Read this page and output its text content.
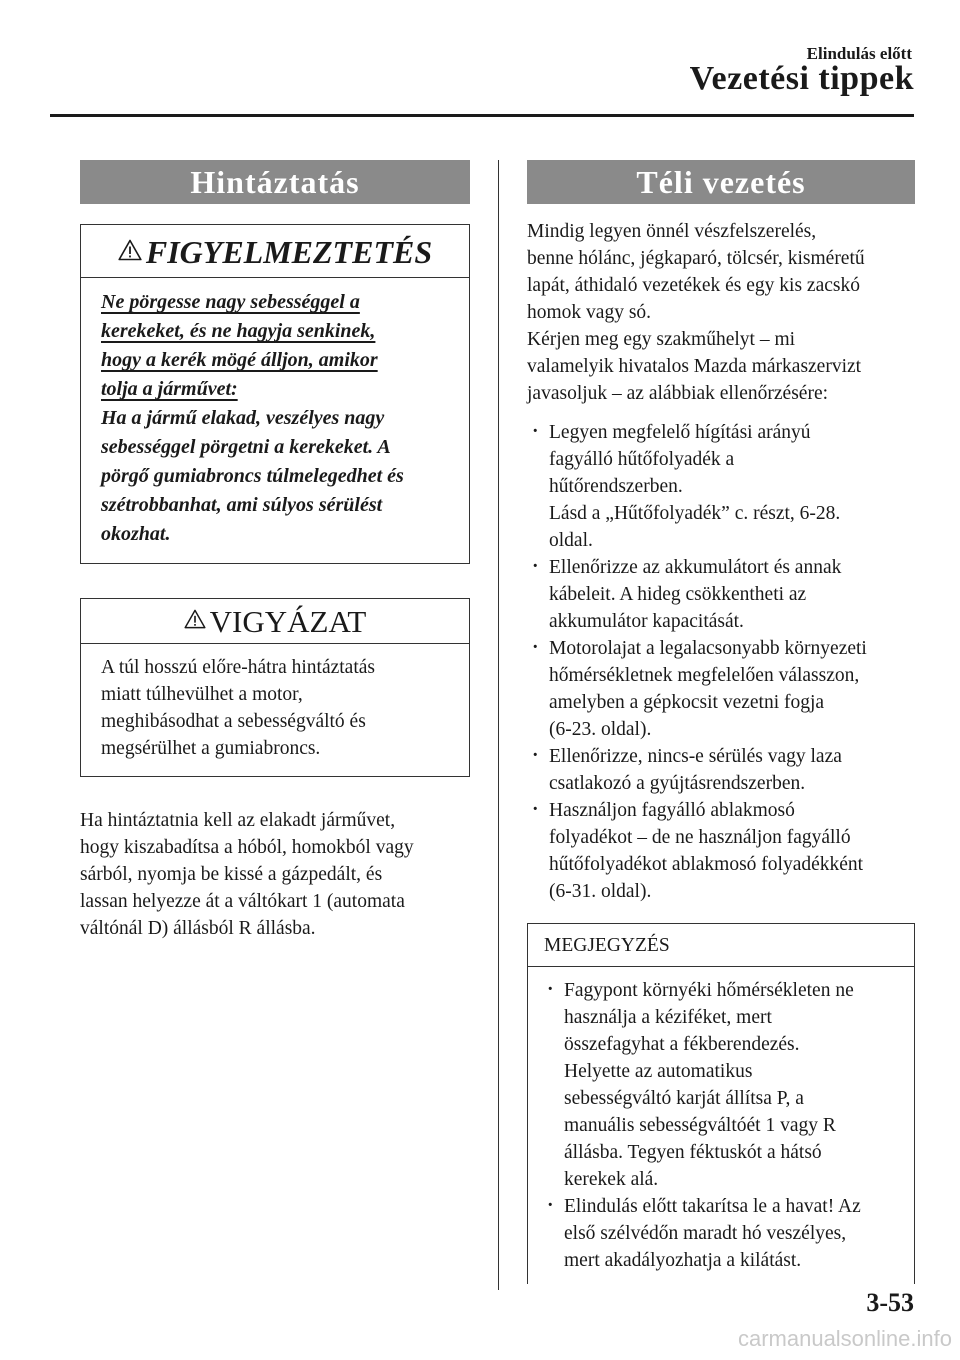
Elindulás előtt
Vezetési tippek
Hintáztatás
FIGYELMEZTETÉS
Ne pörgesse nagy sebességgel a
kerekeket, és ne hagyja senkinek,
hogy a kerék mögé álljon, amikor
tolja a járművet:
Ha a jármű elakad, veszélyes nagy
sebességgel pörgetni a kerekeket. A
pörgő gumiabroncs túlmelegedhet és
szétrobbanhat, ami súlyos sérülést
okozhat.
VIGYÁZAT
A túl hosszú előre-hátra hintáztatás
miatt túlhevülhet a motor,
meghibásodhat a sebességváltó és
megsérülhet a gumiabroncs.
Ha hintáztatnia kell az elakadt járművet,
hogy kiszabadítsa a hóból, homokból vagy
sárból, nyomja be kissé a gázpedált, és
lassan helyezze át a váltókart 1 (automata
váltónál D) állásból R állásba.
Téli vezetés
Mindig legyen önnél vészfelszerelés,
benne hólánc, jégkaparó, tölcsér, kisméretű
lapát, áthidaló vezetékek és egy kis zacskó
homok vagy só.
Kérjen meg egy szakműhelyt – mi
valamelyik hivatalos Mazda márkaszervizt
javasoljuk – az alábbiak ellenőrzésére:
· Legyen megfelelő hígítási arányú
fagyálló hűtőfolyadék a
hűtőrendszerben.
Lásd a „Hűtőfolyadék” c. részt, 6-28.
oldal.
· Ellenőrizze az akkumulátort és annak
kábeleit. A hideg csökkentheti az
akkumulátor kapacitását.
· Motorolajat a legalacsonyabb környezeti
hőmérsékletnek megfelelően válasszon,
amelyben a gépkocsit vezetni fogja
(6-23. oldal).
· Ellenőrizze, nincs-e sérülés vagy laza
csatlakozó a gyújtásrendszerben.
· Használjon fagyálló ablakmosó
folyadékot – de ne használjon fagyálló
hűtőfolyadékot ablakmosó folyadékként
(6-31. oldal).
MEGJEGYZÉS
· Fagypont környéki hőmérsékleten ne
használja a kéziféket, mert
összefagyhat a fékberendezés.
Helyette az automatikus
sebességváltó karját állítsa P, a
manuális sebességváltóét 1 vagy R
állásba. Tegyen féktuskót a hátsó
kerekek alá.
· Elindulás előtt takarítsa le a havat! Az
első szélvédőn maradt hó veszélyes,
mert akadályozhatja a kilátást.
3-53
carmanualsonline.info
